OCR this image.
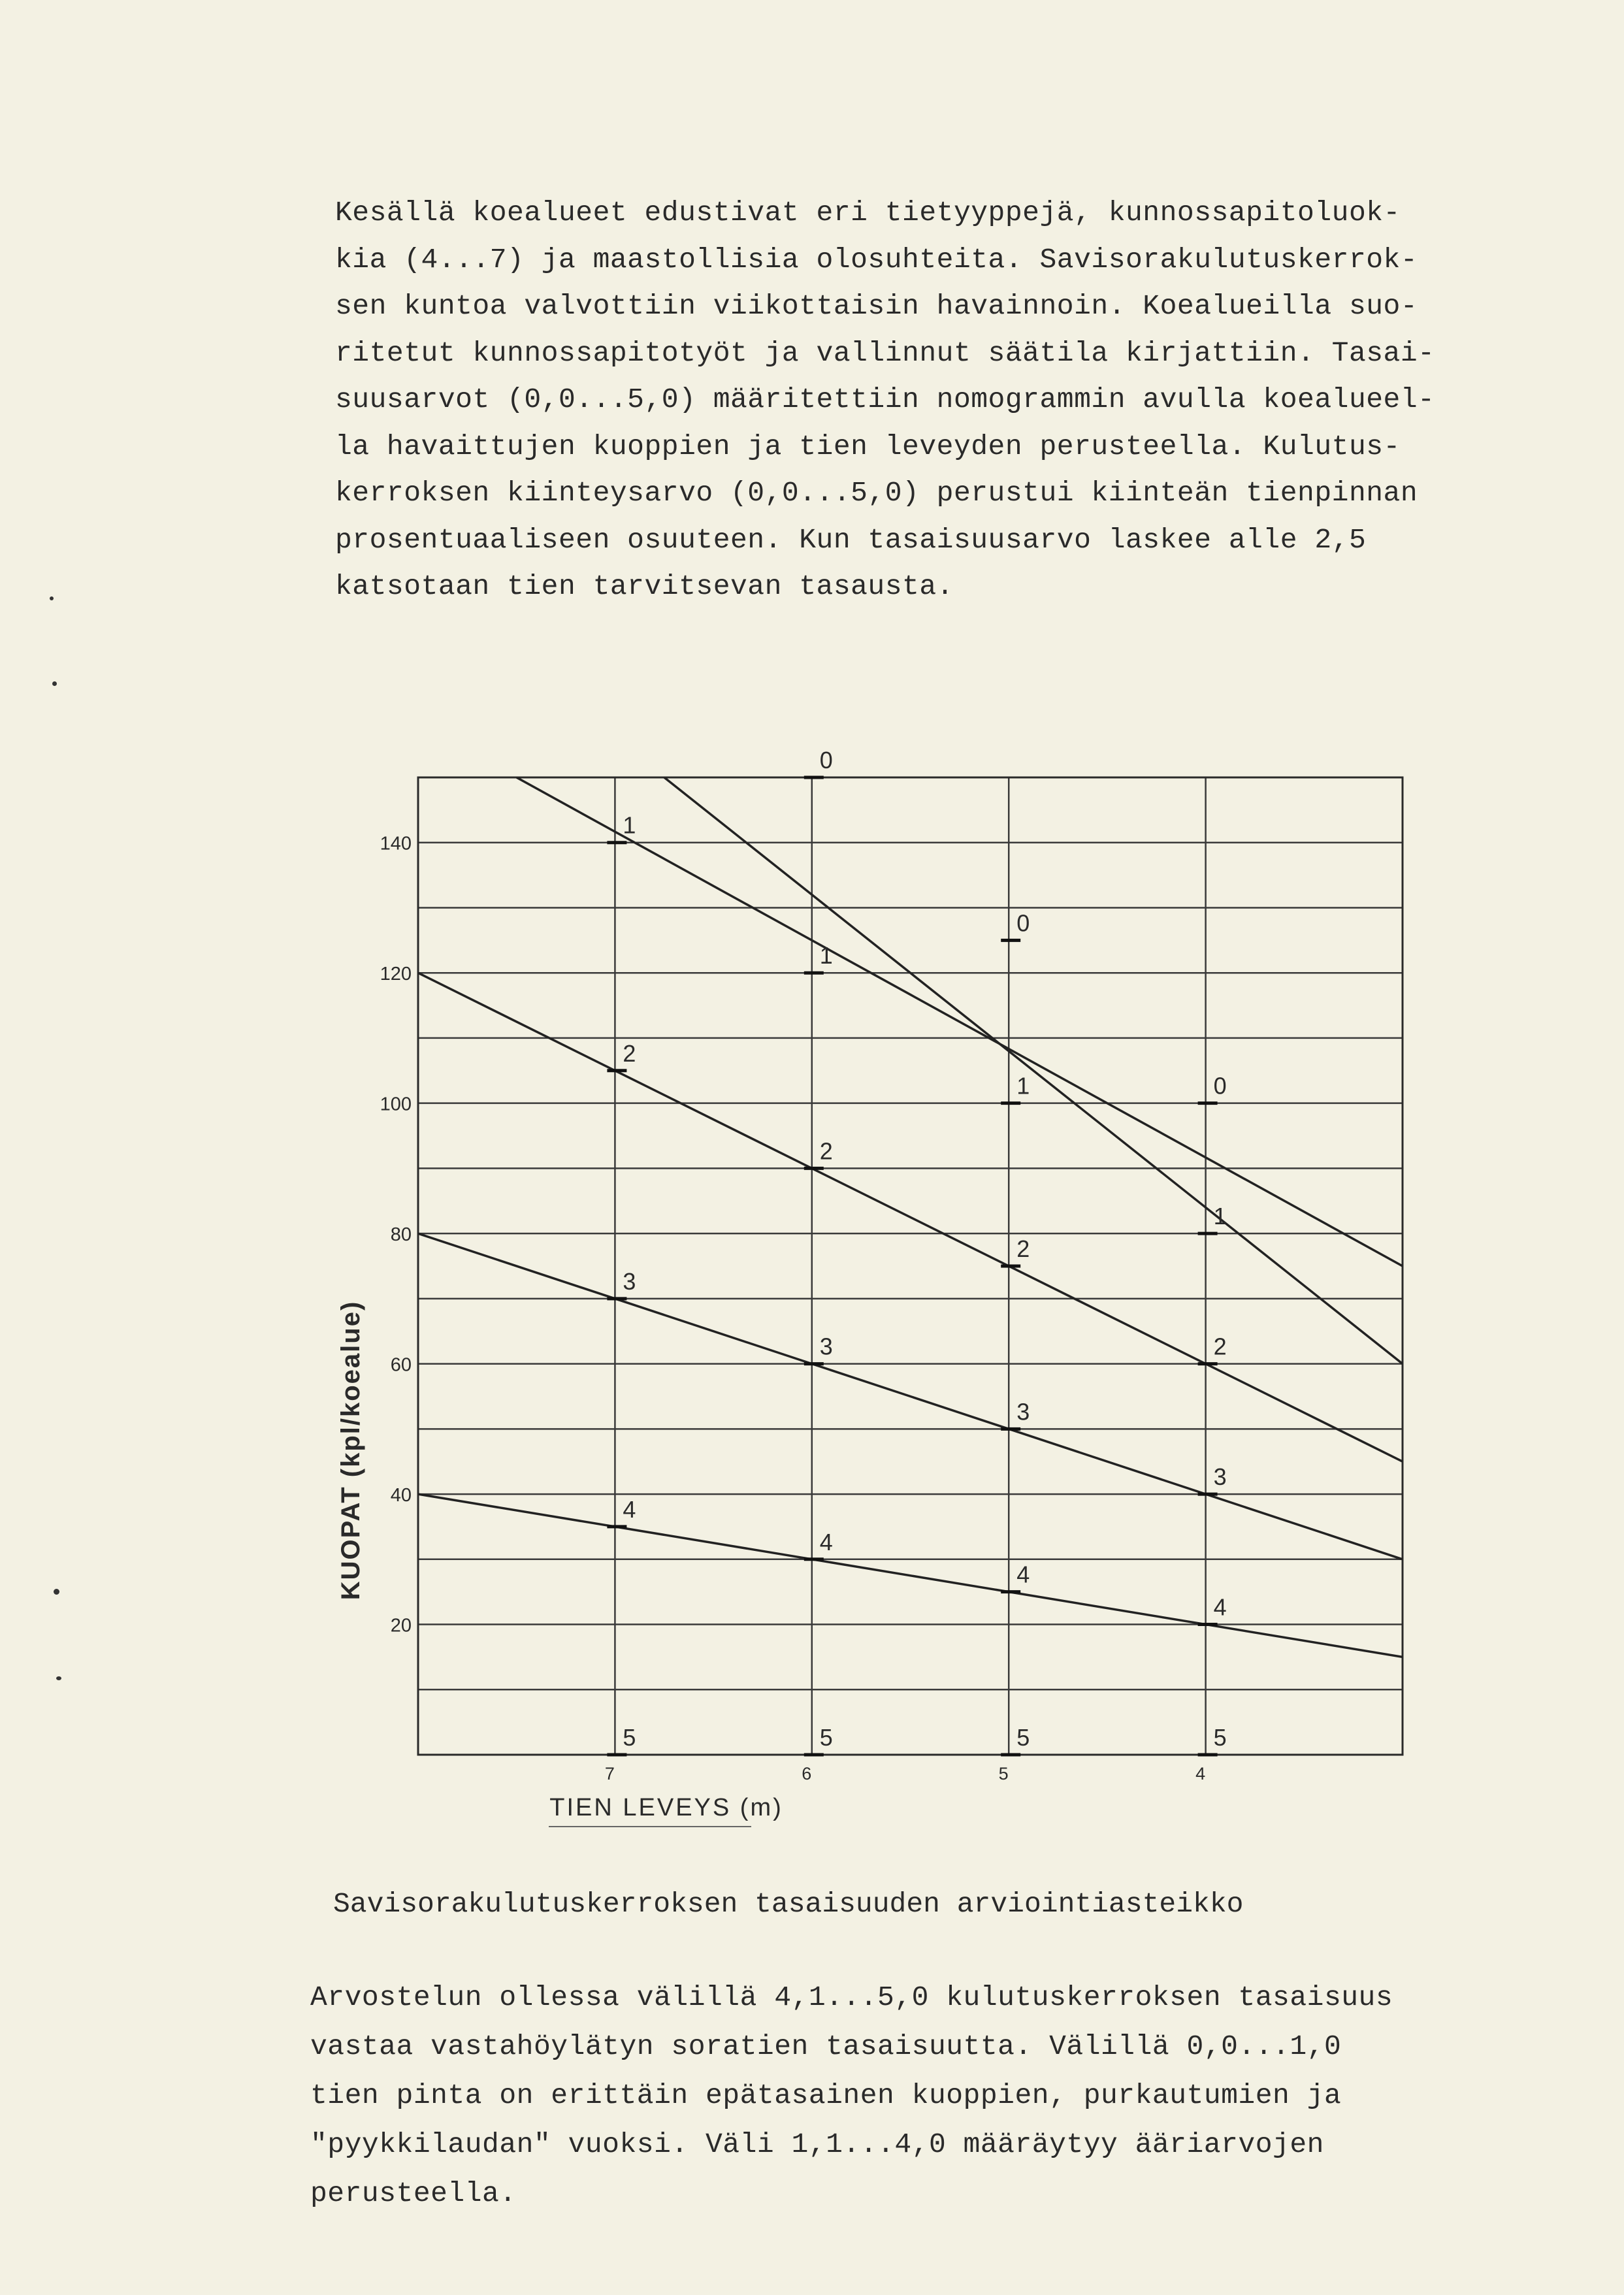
Kesällä koealueet edustivat eri tietyyppejä, kunnossapitoluok-
kia (4...7) ja maastollisia olosuhteita. Savisorakulutuskerrok-
sen kuntoa valvottiin viikottaisin havainnoin. Koealueilla suo-
ritetut kunnossapitotyöt ja vallinnut säätila kirjattiin. Tasai-
suusarvot (0,0...5,0) määritettiin nomogrammin avulla koealueel-
la havaittujen kuoppien ja tien leveyden perusteella. Kulutus-
kerroksen kiinteysarvo (0,0...5,0) perustui kiinteän tienpinnan
prosentuaaliseen osuuteen. Kun tasaisuusarvo laskee alle 2,5
katsotaan tien tarvitsevan tasausta.
20
40
60
80
100
120
140
7	6	5	4
TIEN LEVEYS (m)
KUOPAT (kpl/koealue)
0
0
0
1
1
1
1
2
2
2
2
3
3
3
3
4
4
4
4
5	5	5	5
Savisorakulutuskerroksen tasaisuuden arviointiasteikko
Arvostelun ollessa välillä 4,1...5,0 kulutuskerroksen tasaisuus
vastaa vastahöylätyn soratien tasaisuutta. Välillä 0,0...1,0
tien pinta on erittäin epätasainen kuoppien, purkautumien ja
"pyykkilaudan" vuoksi. Väli 1,1...4,0 määräytyy ääriarvojen
perusteella.
